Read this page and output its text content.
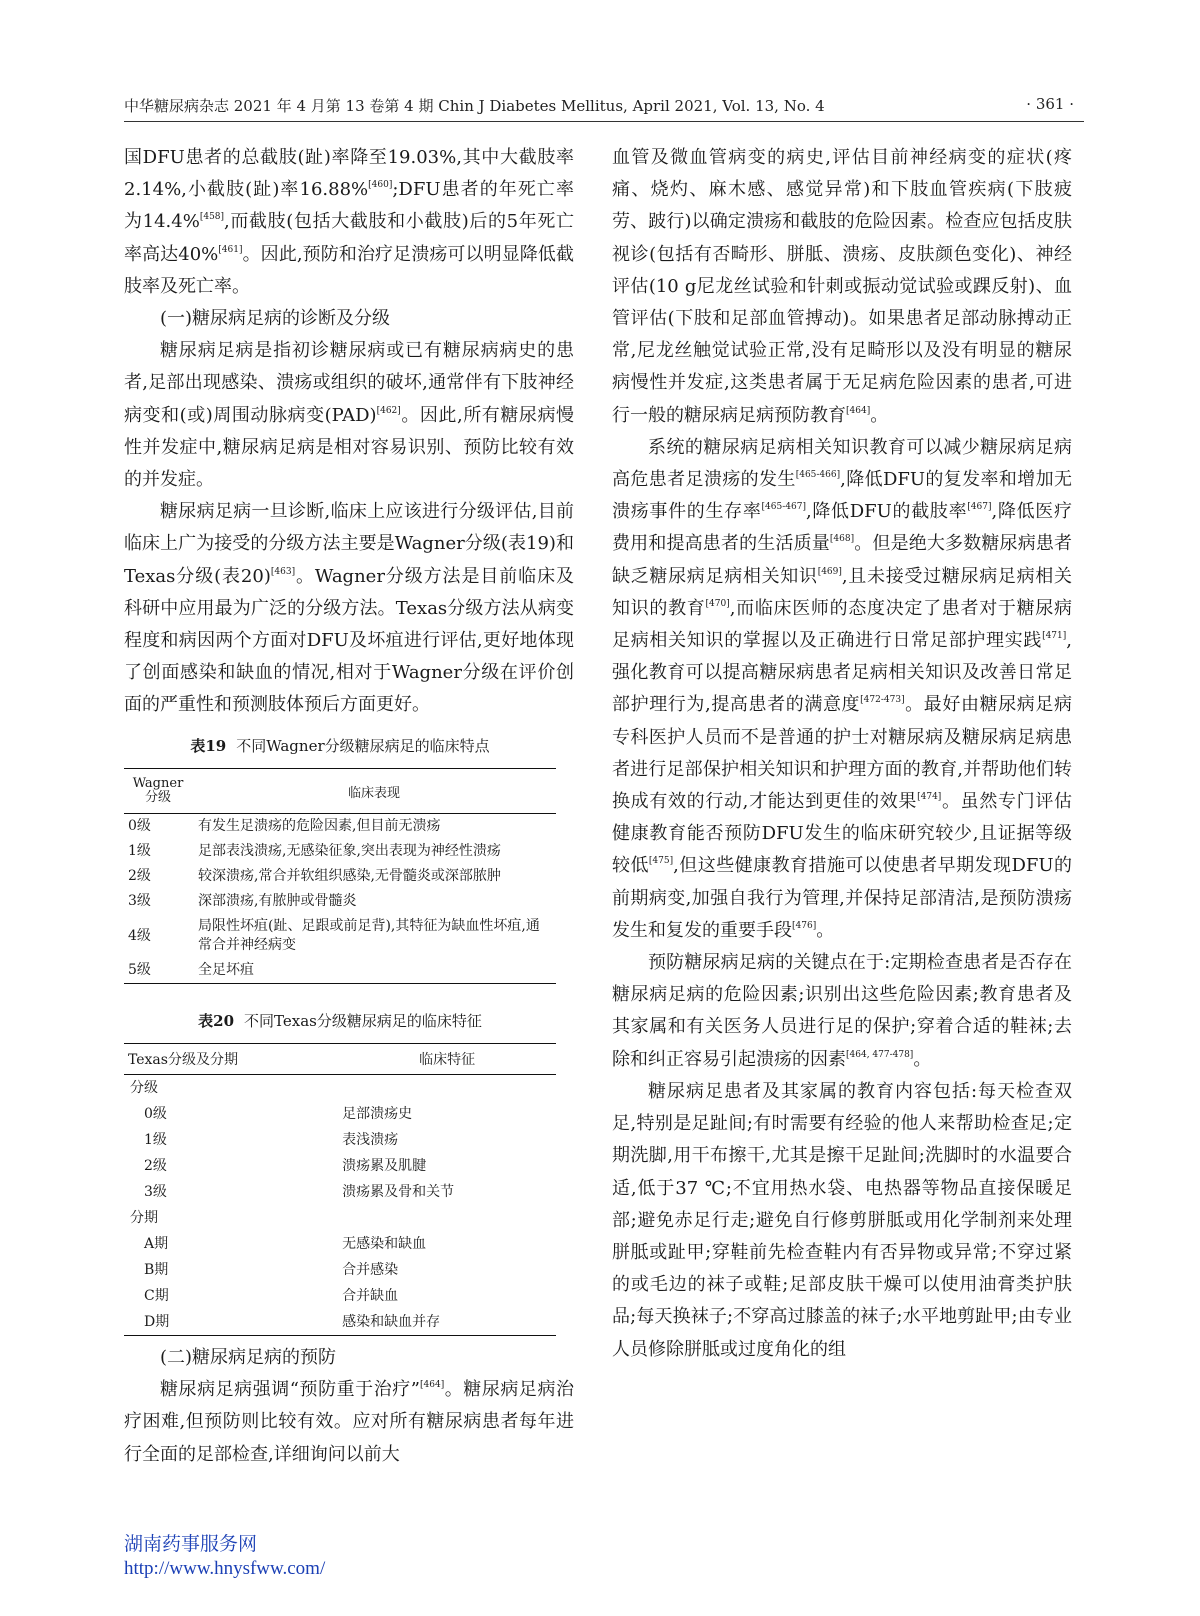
中华糖尿病杂志 2021 年 4 月第 13 卷第 4 期 Chin J Diabetes Mellitus, April 2021, Vol. 13, No. 4	· 361 ·

国DFU患者的总截肢(趾)率降至19.03%,其中大截肢率2.14%,小截肢(趾)率16.88%[460];DFU患者的年死亡率为14.4%[458],而截肢(包括大截肢和小截肢)后的5年死亡率高达40%[461]。因此,预防和治疗足溃疡可以明显降低截肢率及死亡率。

(一)糖尿病足病的诊断及分级

糖尿病足病是指初诊糖尿病或已有糖尿病病史的患者,足部出现感染、溃疡或组织的破坏,通常伴有下肢神经病变和(或)周围动脉病变(PAD)[462]。因此,所有糖尿病慢性并发症中,糖尿病足病是相对容易识别、预防比较有效的并发症。

糖尿病足病一旦诊断,临床上应该进行分级评估,目前临床上广为接受的分级方法主要是Wagner分级(表19)和Texas分级(表20)[463]。Wagner分级方法是目前临床及科研中应用最为广泛的分级方法。Texas分级方法从病变程度和病因两个方面对DFU及坏疽进行评估,更好地体现了创面感染和缺血的情况,相对于Wagner分级在评价创面的严重性和预测肢体预后方面更好。

表19 不同Wagner分级糖尿病足的临床特点
Wagner
分级	临床表现
0级	有发生足溃疡的危险因素,但目前无溃疡
1级	足部表浅溃疡,无感染征象,突出表现为神经性溃疡
2级	较深溃疡,常合并软组织感染,无骨髓炎或深部脓肿
3级	深部溃疡,有脓肿或骨髓炎
4级	局限性坏疽(趾、足跟或前足背),其特征为缺血性坏疽,通常合并神经病变
5级	全足坏疽
表20 不同Texas分级糖尿病足的临床特征
Texas分级及分期	临床特征
分级	
0级	足部溃疡史
1级	表浅溃疡
2级	溃疡累及肌腱
3级	溃疡累及骨和关节
分期	
A期	无感染和缺血
B期	合并感染
C期	合并缺血
D期	感染和缺血并存

(二)糖尿病足病的预防

糖尿病足病强调“预防重于治疗”[464]。糖尿病足病治疗困难,但预防则比较有效。应对所有糖尿病患者每年进行全面的足部检查,详细询问以前大

血管及微血管病变的病史,评估目前神经病变的症状(疼痛、烧灼、麻木感、感觉异常)和下肢血管疾病(下肢疲劳、跛行)以确定溃疡和截肢的危险因素。检查应包括皮肤视诊(包括有否畸形、胼胝、溃疡、皮肤颜色变化)、神经评估(10 g尼龙丝试验和针刺或振动觉试验或踝反射)、血管评估(下肢和足部血管搏动)。如果患者足部动脉搏动正常,尼龙丝触觉试验正常,没有足畸形以及没有明显的糖尿病慢性并发症,这类患者属于无足病危险因素的患者,可进行一般的糖尿病足病预防教育[464]。

系统的糖尿病足病相关知识教育可以减少糖尿病足病高危患者足溃疡的发生[465-466],降低DFU的复发率和增加无溃疡事件的生存率[465-467],降低DFU的截肢率[467],降低医疗费用和提高患者的生活质量[468]。但是绝大多数糖尿病患者缺乏糖尿病足病相关知识[469],且未接受过糖尿病足病相关知识的教育[470],而临床医师的态度决定了患者对于糖尿病足病相关知识的掌握以及正确进行日常足部护理实践[471],强化教育可以提高糖尿病患者足病相关知识及改善日常足部护理行为,提高患者的满意度[472-473]。最好由糖尿病足病专科医护人员而不是普通的护士对糖尿病及糖尿病足病患者进行足部保护相关知识和护理方面的教育,并帮助他们转换成有效的行动,才能达到更佳的效果[474]。虽然专门评估健康教育能否预防DFU发生的临床研究较少,且证据等级较低[475],但这些健康教育措施可以使患者早期发现DFU的前期病变,加强自我行为管理,并保持足部清洁,是预防溃疡发生和复发的重要手段[476]。

预防糖尿病足病的关键点在于:定期检查患者是否存在糖尿病足病的危险因素;识别出这些危险因素;教育患者及其家属和有关医务人员进行足的保护;穿着合适的鞋袜;去除和纠正容易引起溃疡的因素[464, 477-478]。

糖尿病足患者及其家属的教育内容包括:每天检查双足,特别是足趾间;有时需要有经验的他人来帮助检查足;定期洗脚,用干布擦干,尤其是擦干足趾间;洗脚时的水温要合适,低于37 ℃;不宜用热水袋、电热器等物品直接保暖足部;避免赤足行走;避免自行修剪胼胝或用化学制剂来处理胼胝或趾甲;穿鞋前先检查鞋内有否异物或异常;不穿过紧的或毛边的袜子或鞋;足部皮肤干燥可以使用油膏类护肤品;每天换袜子;不穿高过膝盖的袜子;水平地剪趾甲;由专业人员修除胼胝或过度角化的组

湖南药事服务网
http://www.hnysfww.com/
